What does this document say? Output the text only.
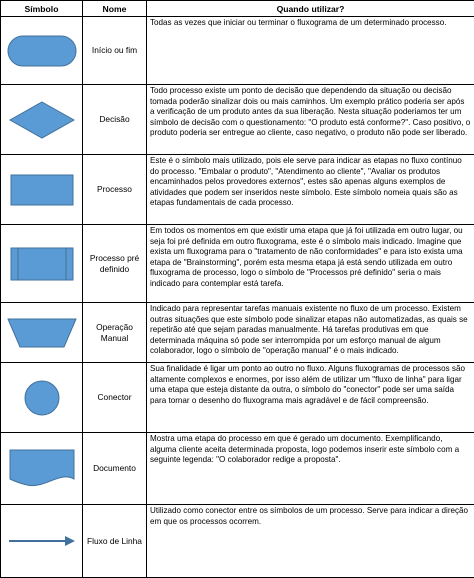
Símbolo	Nome	Quando utilizar?

	Início ou fim	Todas as vezes que iniciar ou terminar o fluxograma de um determinado processo.

	Decisão	Todo processo existe um ponto de decisão que dependendo da situação ou decisão tomada poderão sinalizar dois ou mais caminhos. Um exemplo prático poderia ser após a verificação de um produto antes da sua liberação. Nesta situação poderiamos ter um símbolo de decisão com o questionamento: "O produto está conforme?". Caso positivo, o produto poderia ser entregue ao cliente, caso negativo, o produto não pode ser liberado.

	Processo	Este é o símbolo mais utilizado, pois ele serve para indicar as etapas no fluxo contínuo do processo. "Embalar o produto", "Atendimento ao cliente", "Avaliar os produtos encaminhados pelos provedores externos", estes são apenas alguns exemplos de atividades que podem ser inseridos neste símbolo. Este símbolo nomeia quais são as etapas fundamentais de cada processo.

	Processo pré definido	Em todos os momentos em que existir uma etapa que já foi utilizada em outro lugar, ou seja foi pré definida em outro fluxograma, este é o símbolo mais indicado. Imagine que exista um fluxograma para o "tratamento de não conformidades" e para isto exista uma etapa de "Brainstorming", porém esta mesma etapa já está sendo utilizada em outro fluxograma de processo, logo o símbolo de "Processos pré definido" seria o mais indicado para contemplar está tarefa.

	Operação Manual	Indicado para representar tarefas manuais existente no fluxo de um processo. Existem outras situações que este símbolo pode sinalizar etapas não automatizadas, as quais se repetirão até que sejam paradas manualmente. Há tarefas produtivas em que determinada máquina só pode ser interrompida por um esforço manual de algum colaborador, logo o símbolo de "operação manual" é o mais indicado.

	Conector	Sua finalidade é ligar um ponto ao outro no fluxo. Alguns fluxogramas de processos são altamente complexos e enormes, por isso além de utilizar um "fluxo de linha" para ligar uma etapa que esteja distante da outra, o símbolo do "conector" pode ser uma saída para tornar o desenho do fluxograma mais agradável e de fácil compreensão.

	Documento	Mostra uma etapa do processo em que é gerado um documento. Exemplificando, alguma cliente aceita determinada proposta, logo podemos inserir este símbolo com a seguinte legenda: "O colaborador redige a proposta".

	Fluxo de Linha	Utilizado como conector entre os símbolos de um processo. Serve para indicar a direção em que os processos ocorrem.
